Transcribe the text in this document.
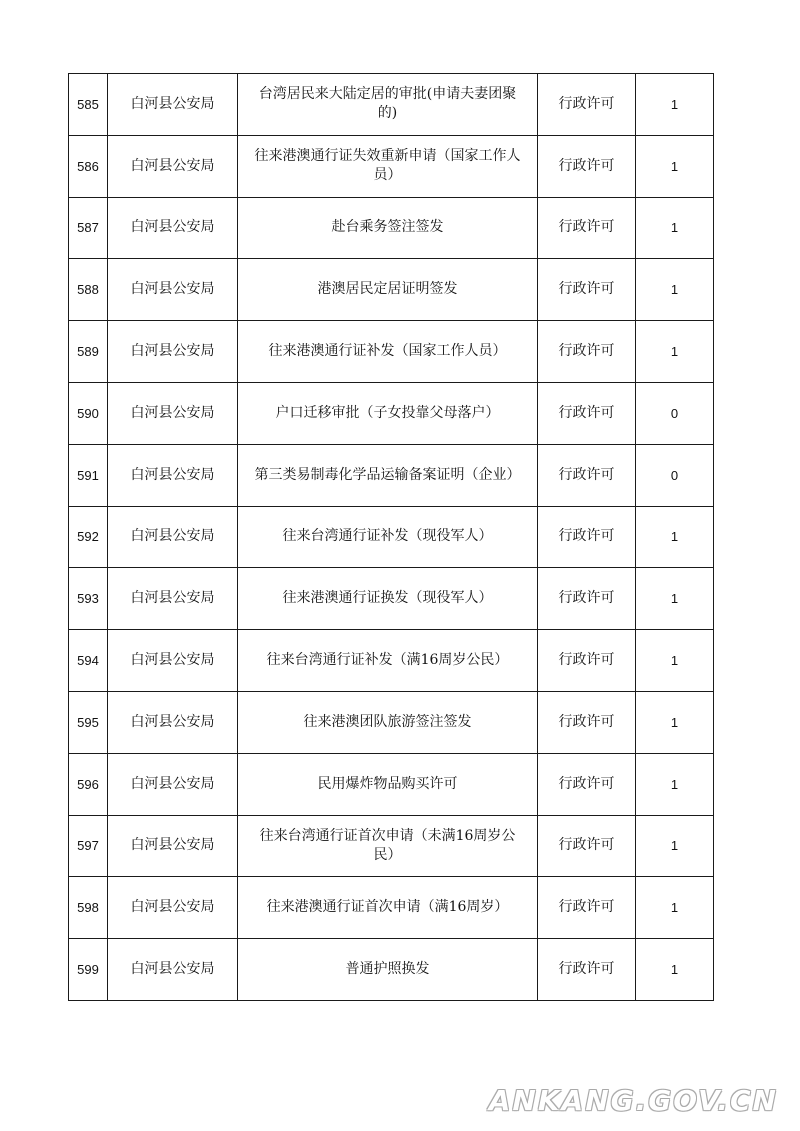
585	白河县公安局	台湾居民来大陆定居的审批(申请夫妻团聚的)	行政许可	1
586	白河县公安局	往来港澳通行证失效重新申请（国家工作人员）	行政许可	1
587	白河县公安局	赴台乘务签注签发	行政许可	1
588	白河县公安局	港澳居民定居证明签发	行政许可	1
589	白河县公安局	往来港澳通行证补发（国家工作人员）	行政许可	1
590	白河县公安局	户口迁移审批（子女投靠父母落户）	行政许可	0
591	白河县公安局	第三类易制毒化学品运输备案证明（企业）	行政许可	0
592	白河县公安局	往来台湾通行证补发（现役军人）	行政许可	1
593	白河县公安局	往来港澳通行证换发（现役军人）	行政许可	1
594	白河县公安局	往来台湾通行证补发（满16周岁公民）	行政许可	1
595	白河县公安局	往来港澳团队旅游签注签发	行政许可	1
596	白河县公安局	民用爆炸物品购买许可	行政许可	1
597	白河县公安局	往来台湾通行证首次申请（未满16周岁公民）	行政许可	1
598	白河县公安局	往来港澳通行证首次申请（满16周岁）	行政许可	1
599	白河县公安局	普通护照换发	行政许可	1
ANKANG.GOV.CN
